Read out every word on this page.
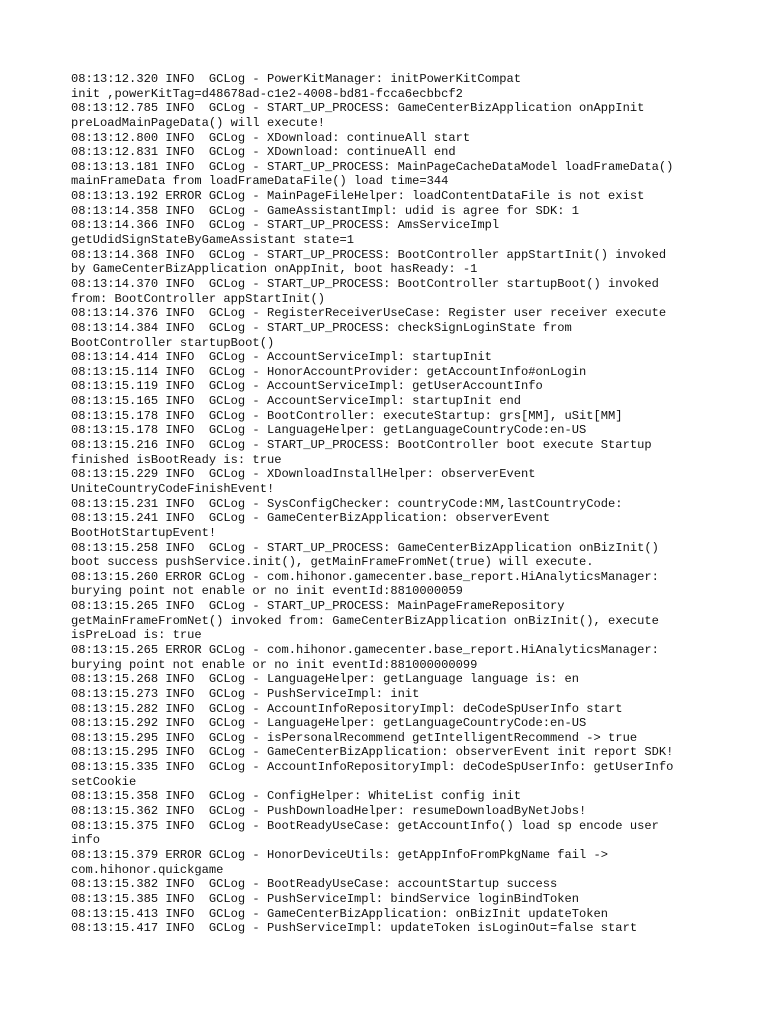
08:13:12.320 INFO  GCLog - PowerKitManager: initPowerKitCompat
init ,powerKitTag=d48678ad-c1e2-4008-bd81-fcca6ecbbcf2
08:13:12.785 INFO  GCLog - START_UP_PROCESS: GameCenterBizApplication onAppInit
preLoadMainPageData() will execute!
08:13:12.800 INFO  GCLog - XDownload: continueAll start
08:13:12.831 INFO  GCLog - XDownload: continueAll end
08:13:13.181 INFO  GCLog - START_UP_PROCESS: MainPageCacheDataModel loadFrameData()
mainFrameData from loadFrameDataFile() load time=344
08:13:13.192 ERROR GCLog - MainPageFileHelper: loadContentDataFile is not exist
08:13:14.358 INFO  GCLog - GameAssistantImpl: udid is agree for SDK: 1
08:13:14.366 INFO  GCLog - START_UP_PROCESS: AmsServiceImpl
getUdidSignStateByGameAssistant state=1
08:13:14.368 INFO  GCLog - START_UP_PROCESS: BootController appStartInit() invoked
by GameCenterBizApplication onAppInit, boot hasReady: -1
08:13:14.370 INFO  GCLog - START_UP_PROCESS: BootController startupBoot() invoked
from: BootController appStartInit()
08:13:14.376 INFO  GCLog - RegisterReceiverUseCase: Register user receiver execute
08:13:14.384 INFO  GCLog - START_UP_PROCESS: checkSignLoginState from
BootController startupBoot()
08:13:14.414 INFO  GCLog - AccountServiceImpl: startupInit
08:13:15.114 INFO  GCLog - HonorAccountProvider: getAccountInfo#onLogin
08:13:15.119 INFO  GCLog - AccountServiceImpl: getUserAccountInfo
08:13:15.165 INFO  GCLog - AccountServiceImpl: startupInit end
08:13:15.178 INFO  GCLog - BootController: executeStartup: grs[MM], uSit[MM]
08:13:15.178 INFO  GCLog - LanguageHelper: getLanguageCountryCode:en-US
08:13:15.216 INFO  GCLog - START_UP_PROCESS: BootController boot execute Startup
finished isBootReady is: true
08:13:15.229 INFO  GCLog - XDownloadInstallHelper: observerEvent
UniteCountryCodeFinishEvent!
08:13:15.231 INFO  GCLog - SysConfigChecker: countryCode:MM,lastCountryCode:
08:13:15.241 INFO  GCLog - GameCenterBizApplication: observerEvent
BootHotStartupEvent!
08:13:15.258 INFO  GCLog - START_UP_PROCESS: GameCenterBizApplication onBizInit()
boot success pushService.init(), getMainFrameFromNet(true) will execute.
08:13:15.260 ERROR GCLog - com.hihonor.gamecenter.base_report.HiAnalyticsManager:
burying point not enable or no init eventId:8810000059
08:13:15.265 INFO  GCLog - START_UP_PROCESS: MainPageFrameRepository
getMainFrameFromNet() invoked from: GameCenterBizApplication onBizInit(), execute
isPreLoad is: true
08:13:15.265 ERROR GCLog - com.hihonor.gamecenter.base_report.HiAnalyticsManager:
burying point not enable or no init eventId:881000000099
08:13:15.268 INFO  GCLog - LanguageHelper: getLanguage language is: en
08:13:15.273 INFO  GCLog - PushServiceImpl: init
08:13:15.282 INFO  GCLog - AccountInfoRepositoryImpl: deCodeSpUserInfo start
08:13:15.292 INFO  GCLog - LanguageHelper: getLanguageCountryCode:en-US
08:13:15.295 INFO  GCLog - isPersonalRecommend getIntelligentRecommend -> true
08:13:15.295 INFO  GCLog - GameCenterBizApplication: observerEvent init report SDK!
08:13:15.335 INFO  GCLog - AccountInfoRepositoryImpl: deCodeSpUserInfo: getUserInfo
setCookie
08:13:15.358 INFO  GCLog - ConfigHelper: WhiteList config init
08:13:15.362 INFO  GCLog - PushDownloadHelper: resumeDownloadByNetJobs!
08:13:15.375 INFO  GCLog - BootReadyUseCase: getAccountInfo() load sp encode user
info
08:13:15.379 ERROR GCLog - HonorDeviceUtils: getAppInfoFromPkgName fail ->
com.hihonor.quickgame
08:13:15.382 INFO  GCLog - BootReadyUseCase: accountStartup success
08:13:15.385 INFO  GCLog - PushServiceImpl: bindService loginBindToken
08:13:15.413 INFO  GCLog - GameCenterBizApplication: onBizInit updateToken
08:13:15.417 INFO  GCLog - PushServiceImpl: updateToken isLoginOut=false start
